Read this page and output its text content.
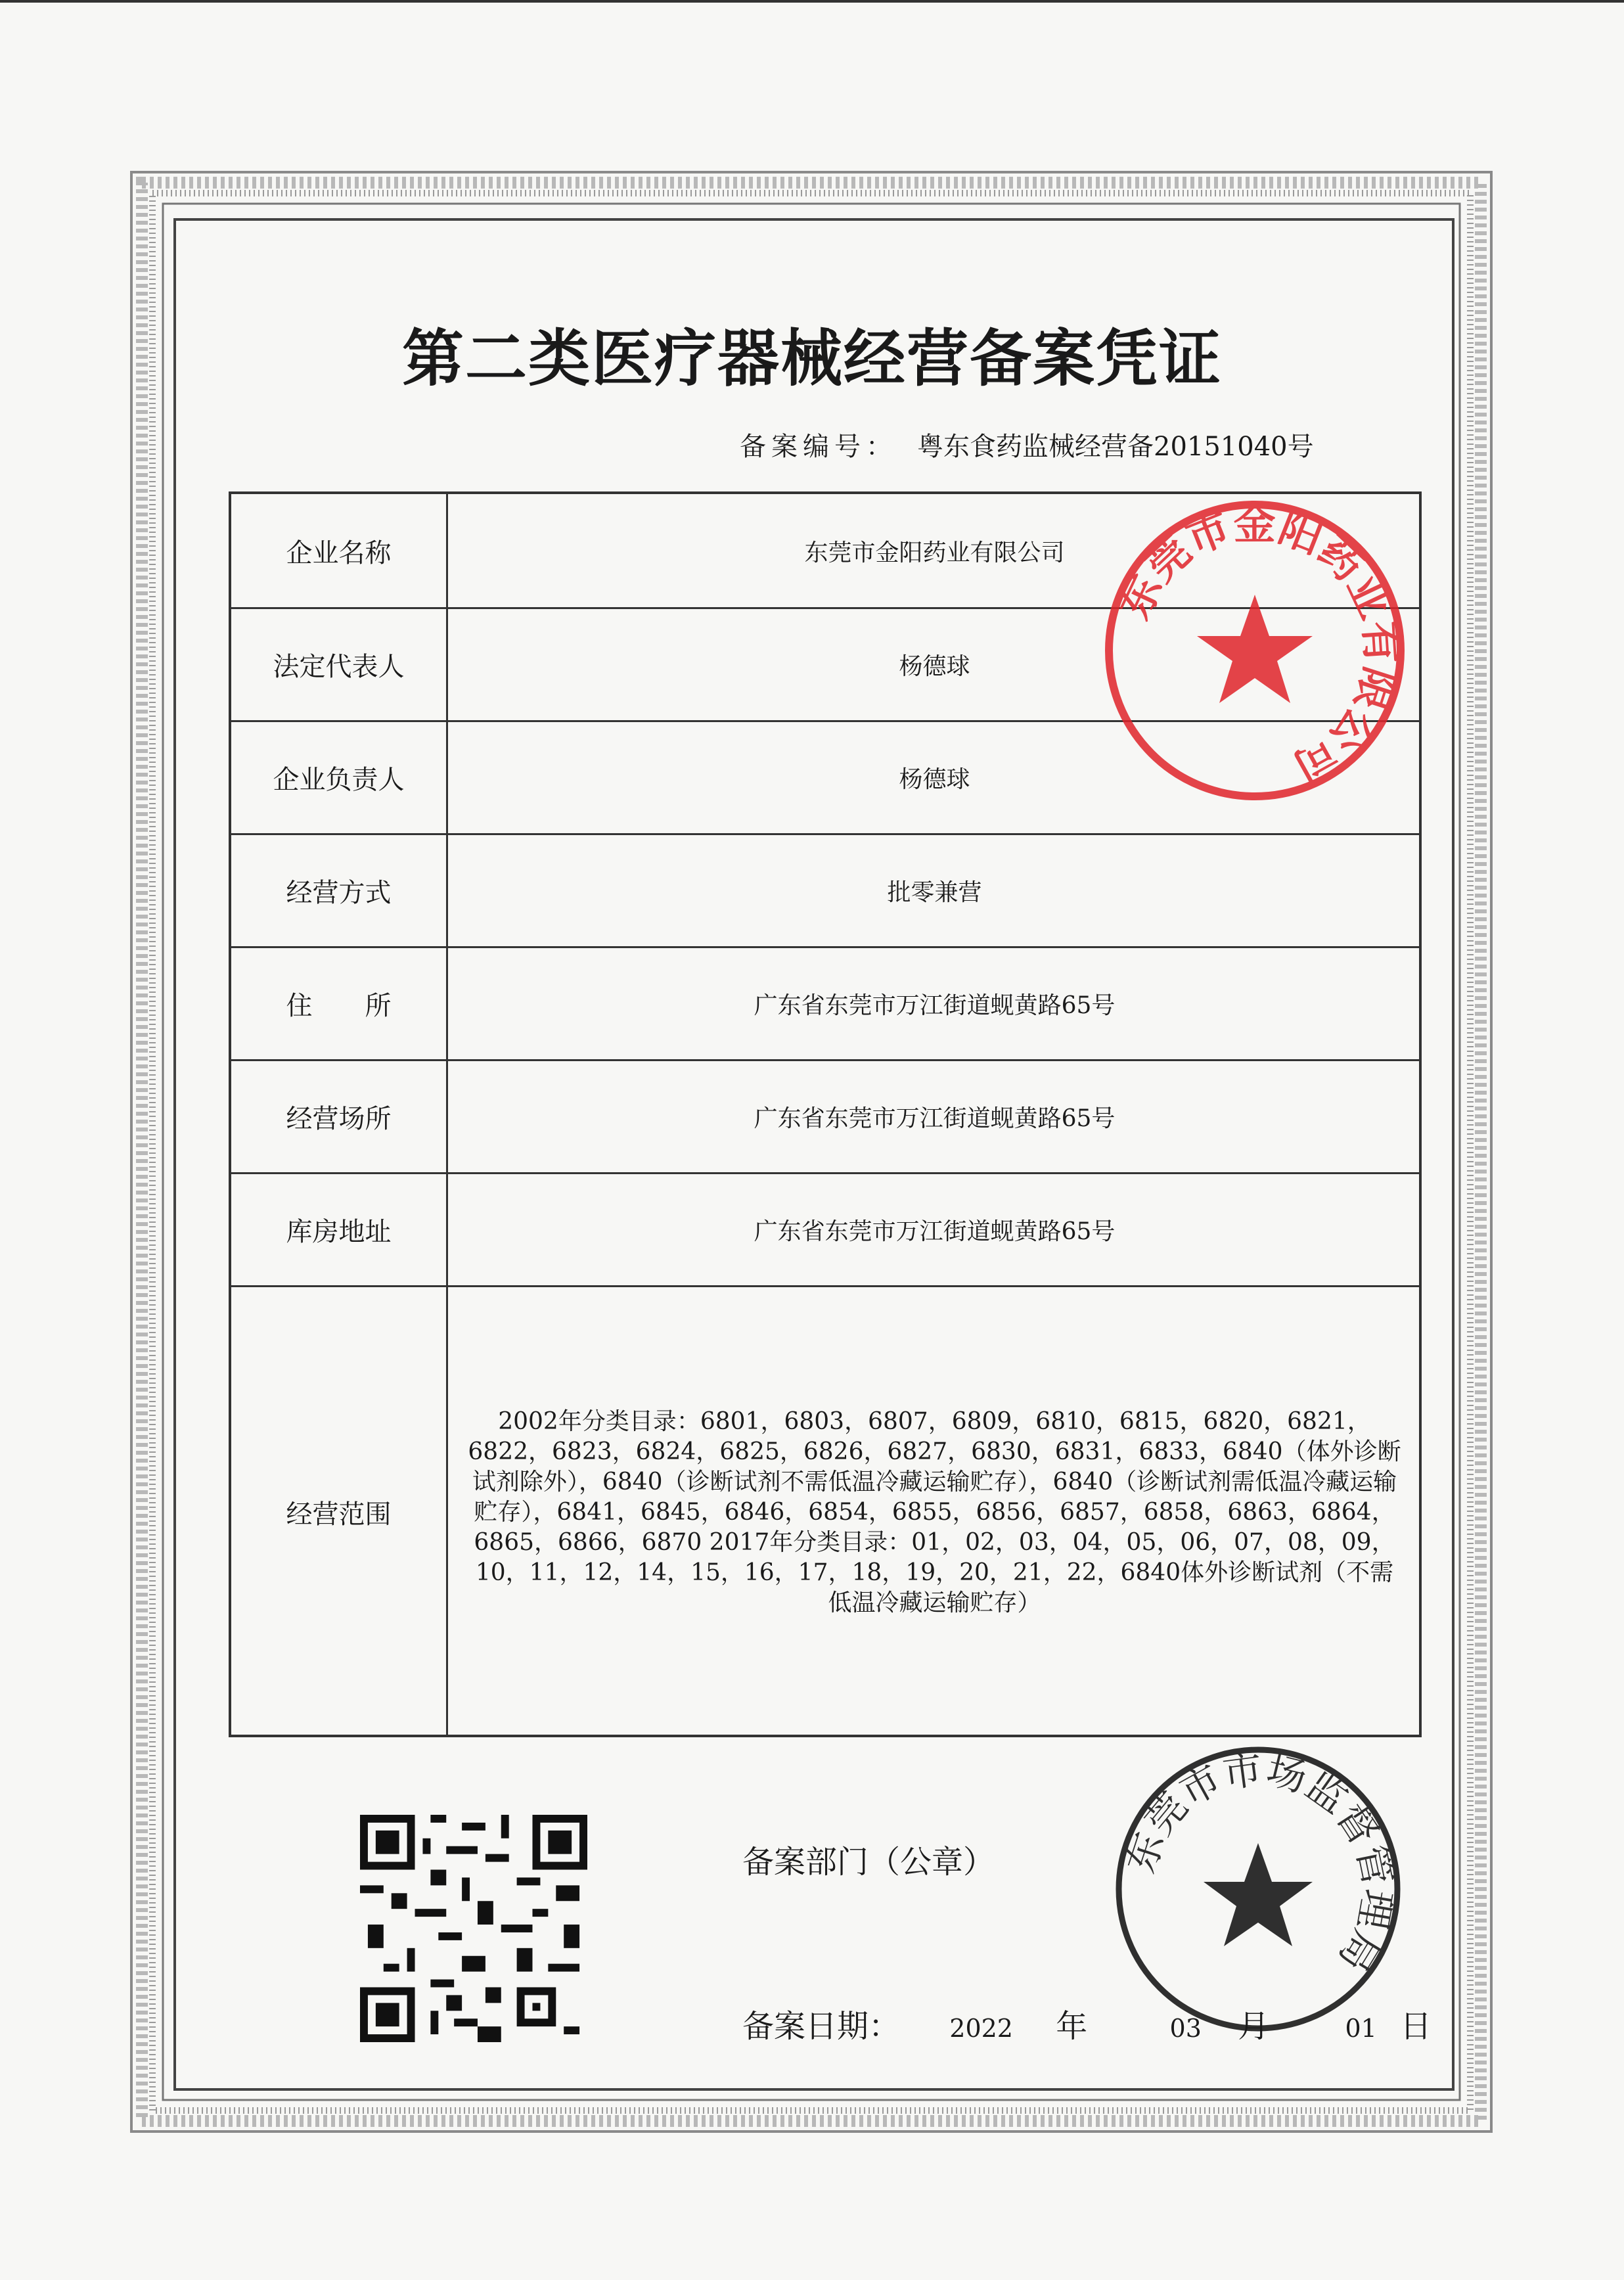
第二类医疗器械经营备案凭证
备案编号： 粤东食药监械经营备20151040号
企业名称	东莞市金阳药业有限公司
法定代表人	杨德球
企业负责人	杨德球
经营方式	批零兼营
住　　所	广东省东莞市万江街道蚬黄路65号
经营场所	广东省东莞市万江街道蚬黄路65号
库房地址	广东省东莞市万江街道蚬黄路65号
经营范围
2002年分类目录：6801，6803，6807，6809，6810，6815，6820，6821，6822，6823，6824，6825，6826，6827，6830，6831，6833，6840（体外诊断试剂除外），6840（诊断试剂不需低温冷藏运输贮存），6840（诊断试剂需低温冷藏运输贮存），6841，6845，6846，6854，6855，6856，6857，6858，6863，6864，6865，6866，6870 2017年分类目录：01，02，03，04，05，06，07，08，09，10，11，12，14，15，16，17，18，19，20，21，22，6840体外诊断试剂（不需低温冷藏运输贮存）
东莞市金阳药业有限公司
备案部门（公章）
备案日期： 2022 年	03 月	01 日
东莞市市场监督管理局
